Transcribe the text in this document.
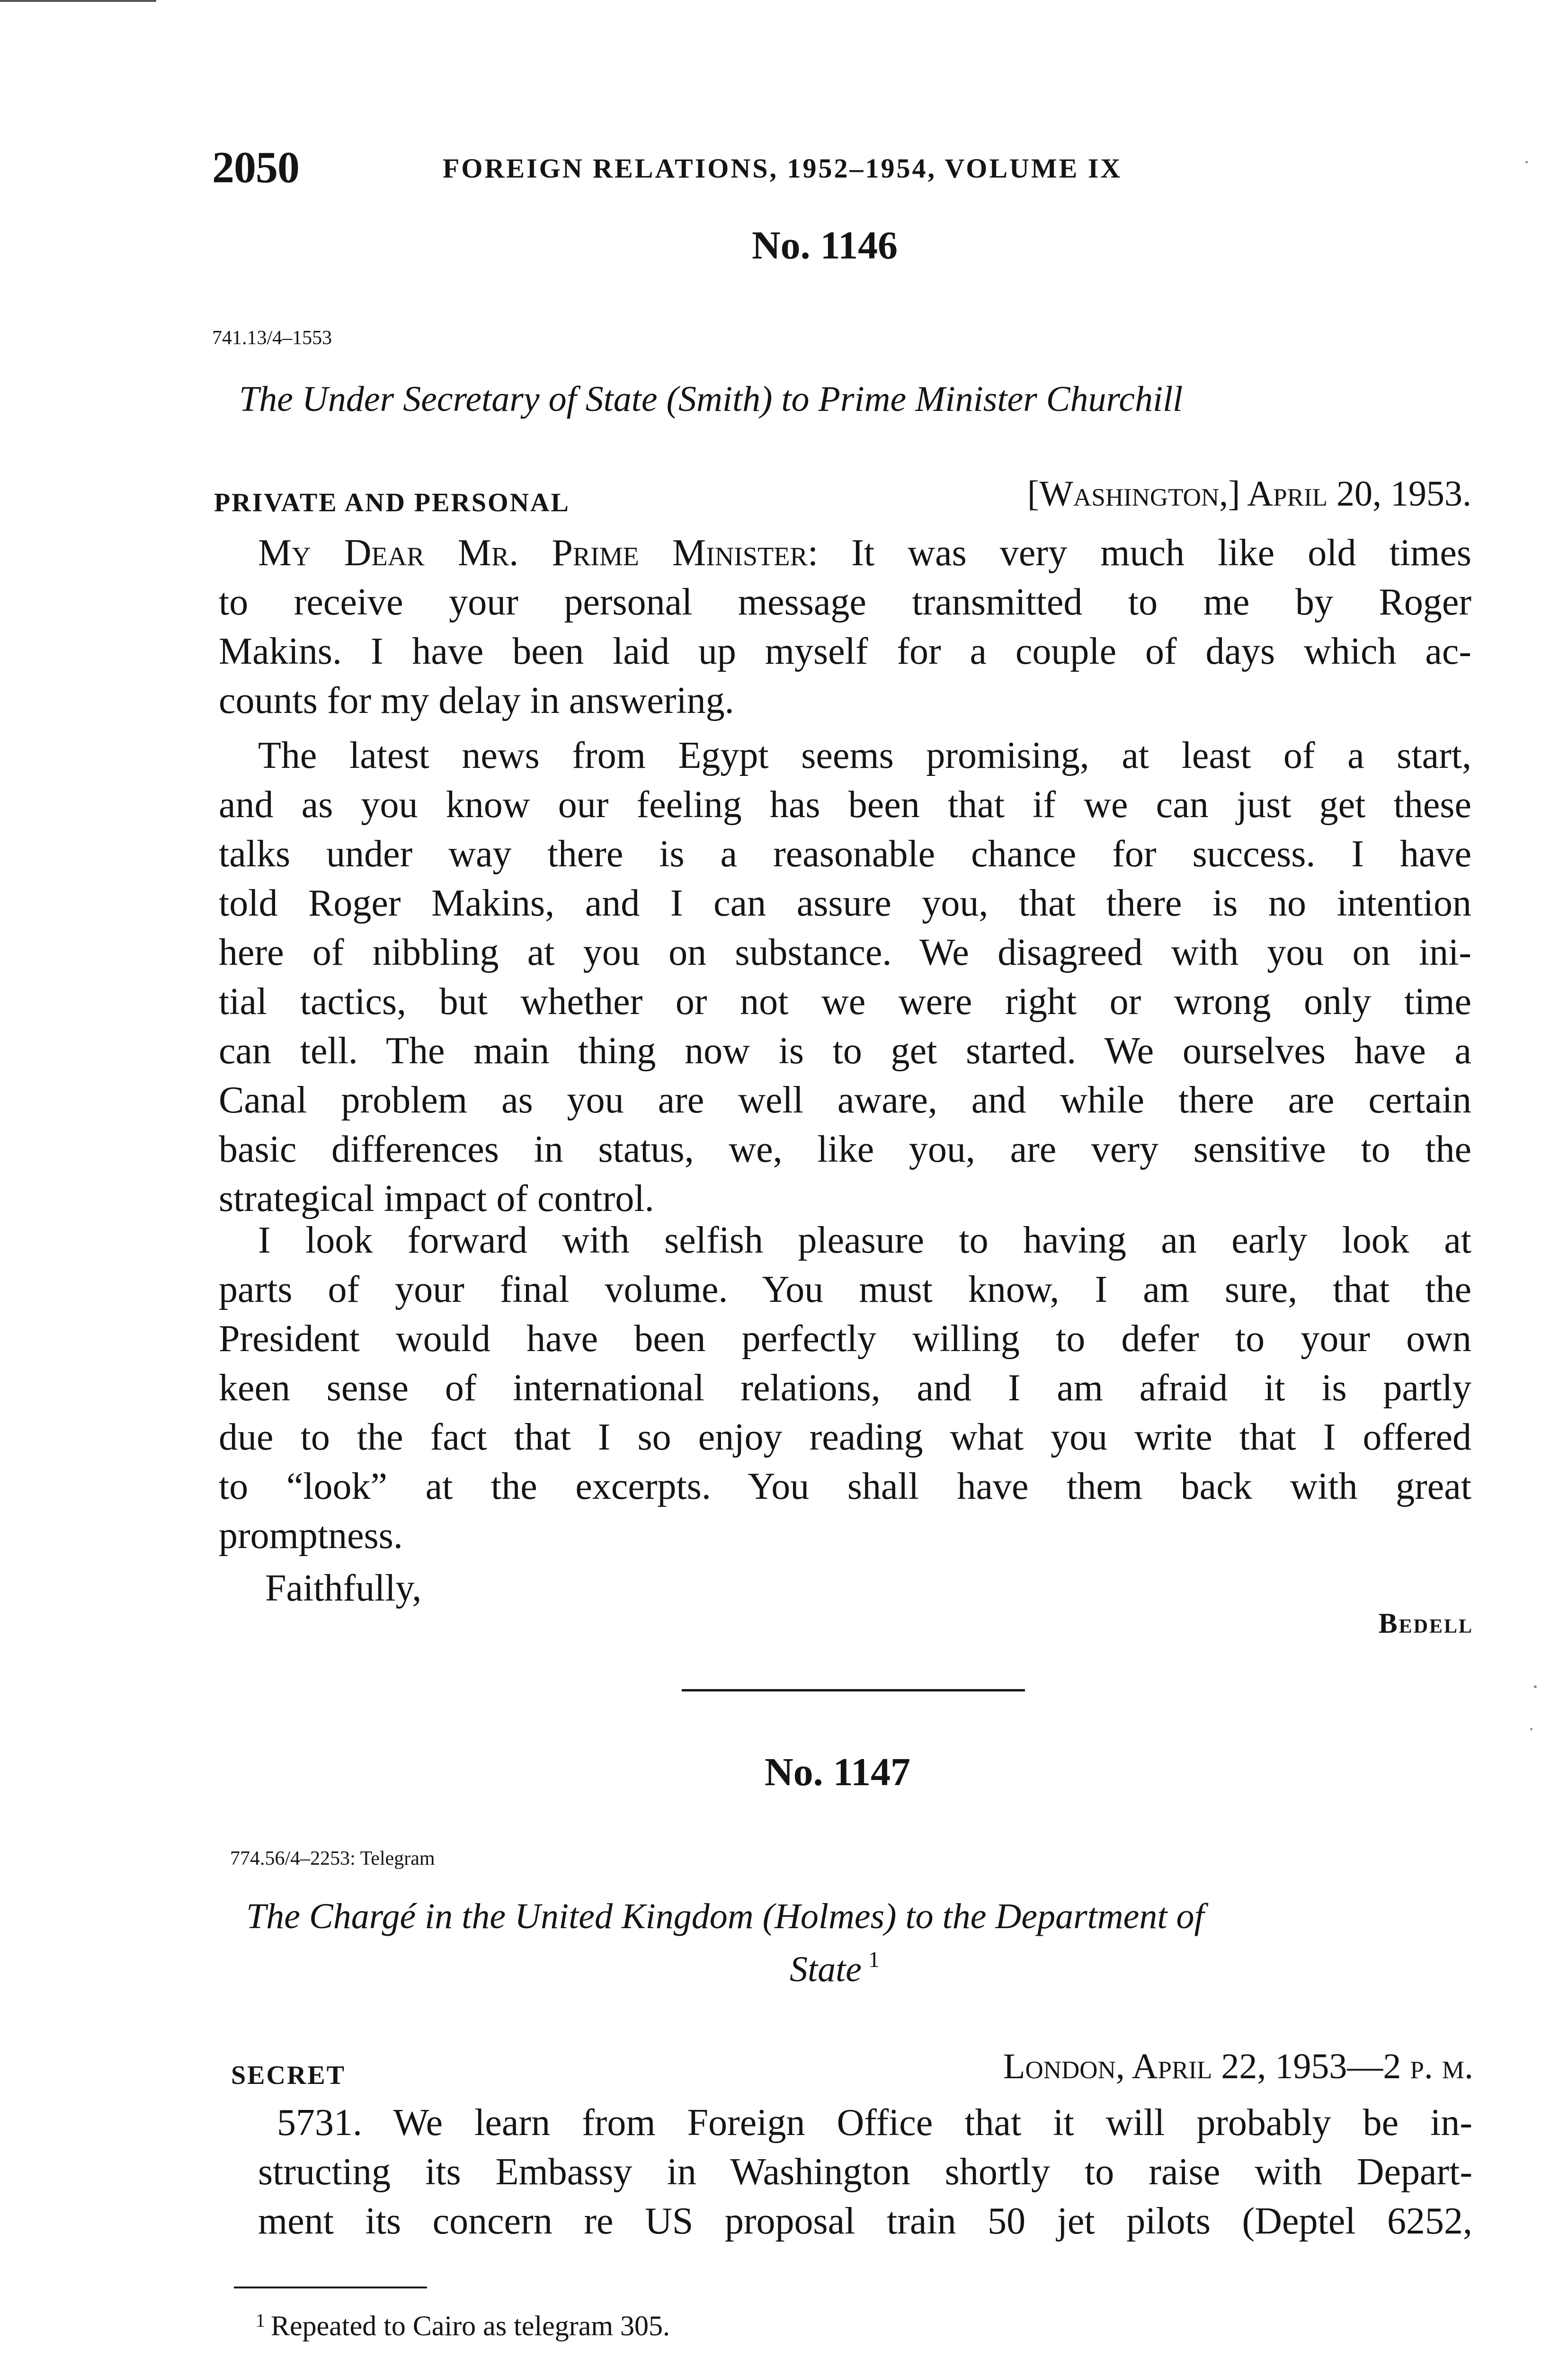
2050	FOREIGN RELATIONS, 1952–1954, VOLUME IX
No. 1146
741.13/4–1553
The Under Secretary of State (Smith) to Prime Minister Churchill
PRIVATE AND PERSONAL	[Washington,] April 20, 1953.
My Dear Mr. Prime Minister: It was very much like old times
to receive your personal message transmitted to me by Roger
Makins. I have been laid up myself for a couple of days which ac-
counts for my delay in answering.
The latest news from Egypt seems promising, at least of a start,
and as you know our feeling has been that if we can just get these
talks under way there is a reasonable chance for success. I have
told Roger Makins, and I can assure you, that there is no intention
here of nibbling at you on substance. We disagreed with you on ini-
tial tactics, but whether or not we were right or wrong only time
can tell. The main thing now is to get started. We ourselves have a
Canal problem as you are well aware, and while there are certain
basic differences in status, we, like you, are very sensitive to the
strategical impact of control.
I look forward with selfish pleasure to having an early look at
parts of your final volume. You must know, I am sure, that the
President would have been perfectly willing to defer to your own
keen sense of international relations, and I am afraid it is partly
due to the fact that I so enjoy reading what you write that I offered
to “look” at the excerpts. You shall have them back with great
promptness.
Faithfully,
Bedell
No. 1147
774.56/4–2253: Telegram
The Chargé in the United Kingdom (Holmes) to the Department of
State $^1$
SECRET	London, April 22, 1953—2 p. m.
5731. We learn from Foreign Office that it will probably be in-
structing its Embassy in Washington shortly to raise with Depart-
ment its concern re US proposal train 50 jet pilots (Deptel 6252,
$^1$ Repeated to Cairo as telegram 305.
